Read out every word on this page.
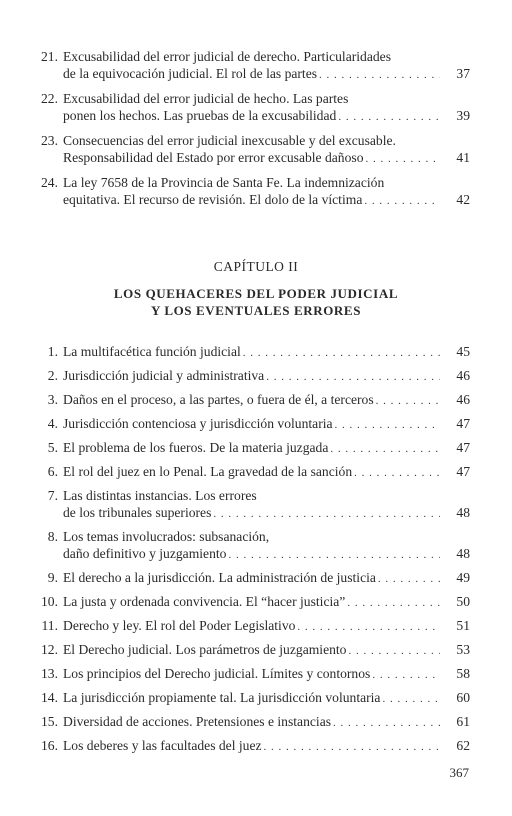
21. Excusabilidad del error judicial de derecho. Particularidades
de la equivocación judicial. El rol de las partes . . .	37
22. Excusabilidad del error judicial de hecho. Las partes
ponen los hechos. Las pruebas de la excusabilidad . . .	39
23. Consecuencias del error judicial inexcusable y del excusable.
Responsabilidad del Estado por error excusable dañoso . . .	41
24. La ley 7658 de la Provincia de Santa Fe. La indemnización
equitativa. El recurso de revisión. El dolo de la víctima . . .	42
CAPÍTULO II
LOS QUEHACERES DEL PODER JUDICIAL
Y LOS EVENTUALES ERRORES
1. La multifacética función judicial . . .	45
2. Jurisdicción judicial y administrativa . . .	46
3. Daños en el proceso, a las partes, o fuera de él, a terceros . . .	46
4. Jurisdicción contenciosa y jurisdicción voluntaria . . .	47
5. El problema de los fueros. De la materia juzgada . . .	47
6. El rol del juez en lo Penal. La gravedad de la sanción . . .	47
7. Las distintas instancias. Los errores
de los tribunales superiores . . .	48
8. Los temas involucrados: subsanación,
daño definitivo y juzgamiento . . .	48
9. El derecho a la jurisdicción. La administración de justicia . . .	49
10. La justa y ordenada convivencia. El “hacer justicia” . . .	50
11. Derecho y ley. El rol del Poder Legislativo . . .	51
12. El Derecho judicial. Los parámetros de juzgamiento . . .	53
13. Los principios del Derecho judicial. Límites y contornos . . .	58
14. La jurisdicción propiamente tal. La jurisdicción voluntaria . . .	60
15. Diversidad de acciones. Pretensiones e instancias . . .	61
16. Los deberes y las facultades del juez . . .	62
367
